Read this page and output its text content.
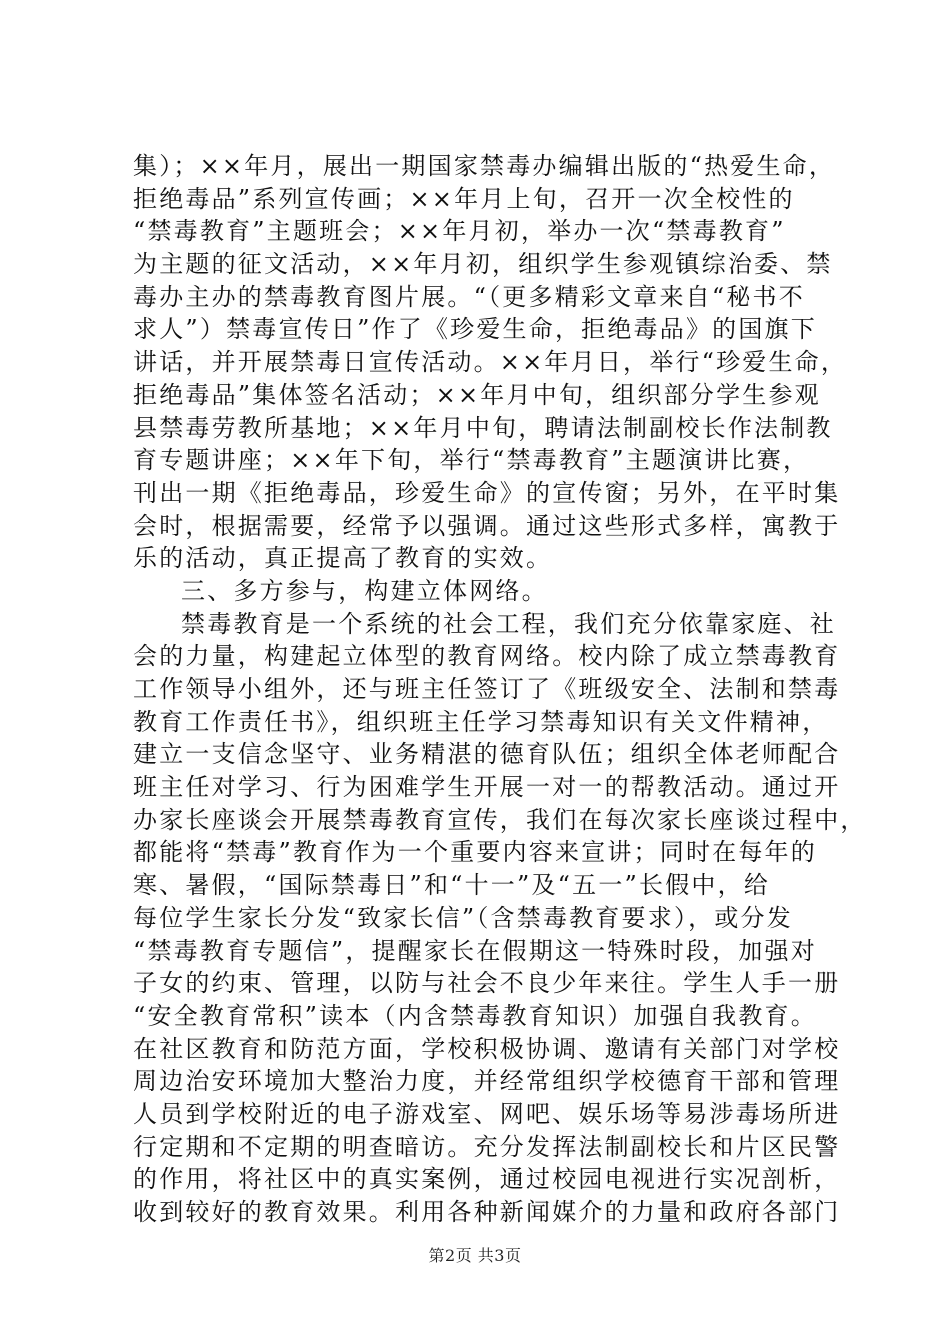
集）；××年月，展出一期国家禁毒办编辑出版的“热爱生命，
拒绝毒品”系列宣传画；××年月上旬，召开一次全校性的
“禁毒教育”主题班会；××年月初，举办一次“禁毒教育”
为主题的征文活动，××年月初，组织学生参观镇综治委、禁
毒办主办的禁毒教育图片展。“（更多精彩文章来自“秘书不
求人”）禁毒宣传日”作了《珍爱生命，拒绝毒品》的国旗下
讲话，并开展禁毒日宣传活动。××年月日，举行“珍爱生命，
拒绝毒品”集体签名活动；××年月中旬，组织部分学生参观
县禁毒劳教所基地；××年月中旬，聘请法制副校长作法制教
育专题讲座；××年下旬，举行“禁毒教育”主题演讲比赛，
刊出一期《拒绝毒品，珍爱生命》的宣传窗；另外，在平时集
会时，根据需要，经常予以强调。通过这些形式多样，寓教于
乐的活动，真正提高了教育的实效。
三、多方参与，构建立体网络。
禁毒教育是一个系统的社会工程，我们充分依靠家庭、社
会的力量，构建起立体型的教育网络。校内除了成立禁毒教育
工作领导小组外，还与班主任签订了《班级安全、法制和禁毒
教育工作责任书》，组织班主任学习禁毒知识有关文件精神，
建立一支信念坚守、业务精湛的德育队伍；组织全体老师配合
班主任对学习、行为困难学生开展一对一的帮教活动。通过开
办家长座谈会开展禁毒教育宣传，我们在每次家长座谈过程中，
都能将“禁毒”教育作为一个重要内容来宣讲；同时在每年的
寒、暑假，“国际禁毒日”和“十一”及“五一”长假中，给
每位学生家长分发“致家长信”（含禁毒教育要求），或分发
“禁毒教育专题信”，提醒家长在假期这一特殊时段，加强对
子女的约束、管理，以防与社会不良少年来往。学生人手一册
“安全教育常积”读本（内含禁毒教育知识）加强自我教育。
在社区教育和防范方面，学校积极协调、邀请有关部门对学校
周边治安环境加大整治力度，并经常组织学校德育干部和管理
人员到学校附近的电子游戏室、网吧、娱乐场等易涉毒场所进
行定期和不定期的明查暗访。充分发挥法制副校长和片区民警
的作用，将社区中的真实案例，通过校园电视进行实况剖析，
收到较好的教育效果。利用各种新闻媒介的力量和政府各部门
第2页 共3页
